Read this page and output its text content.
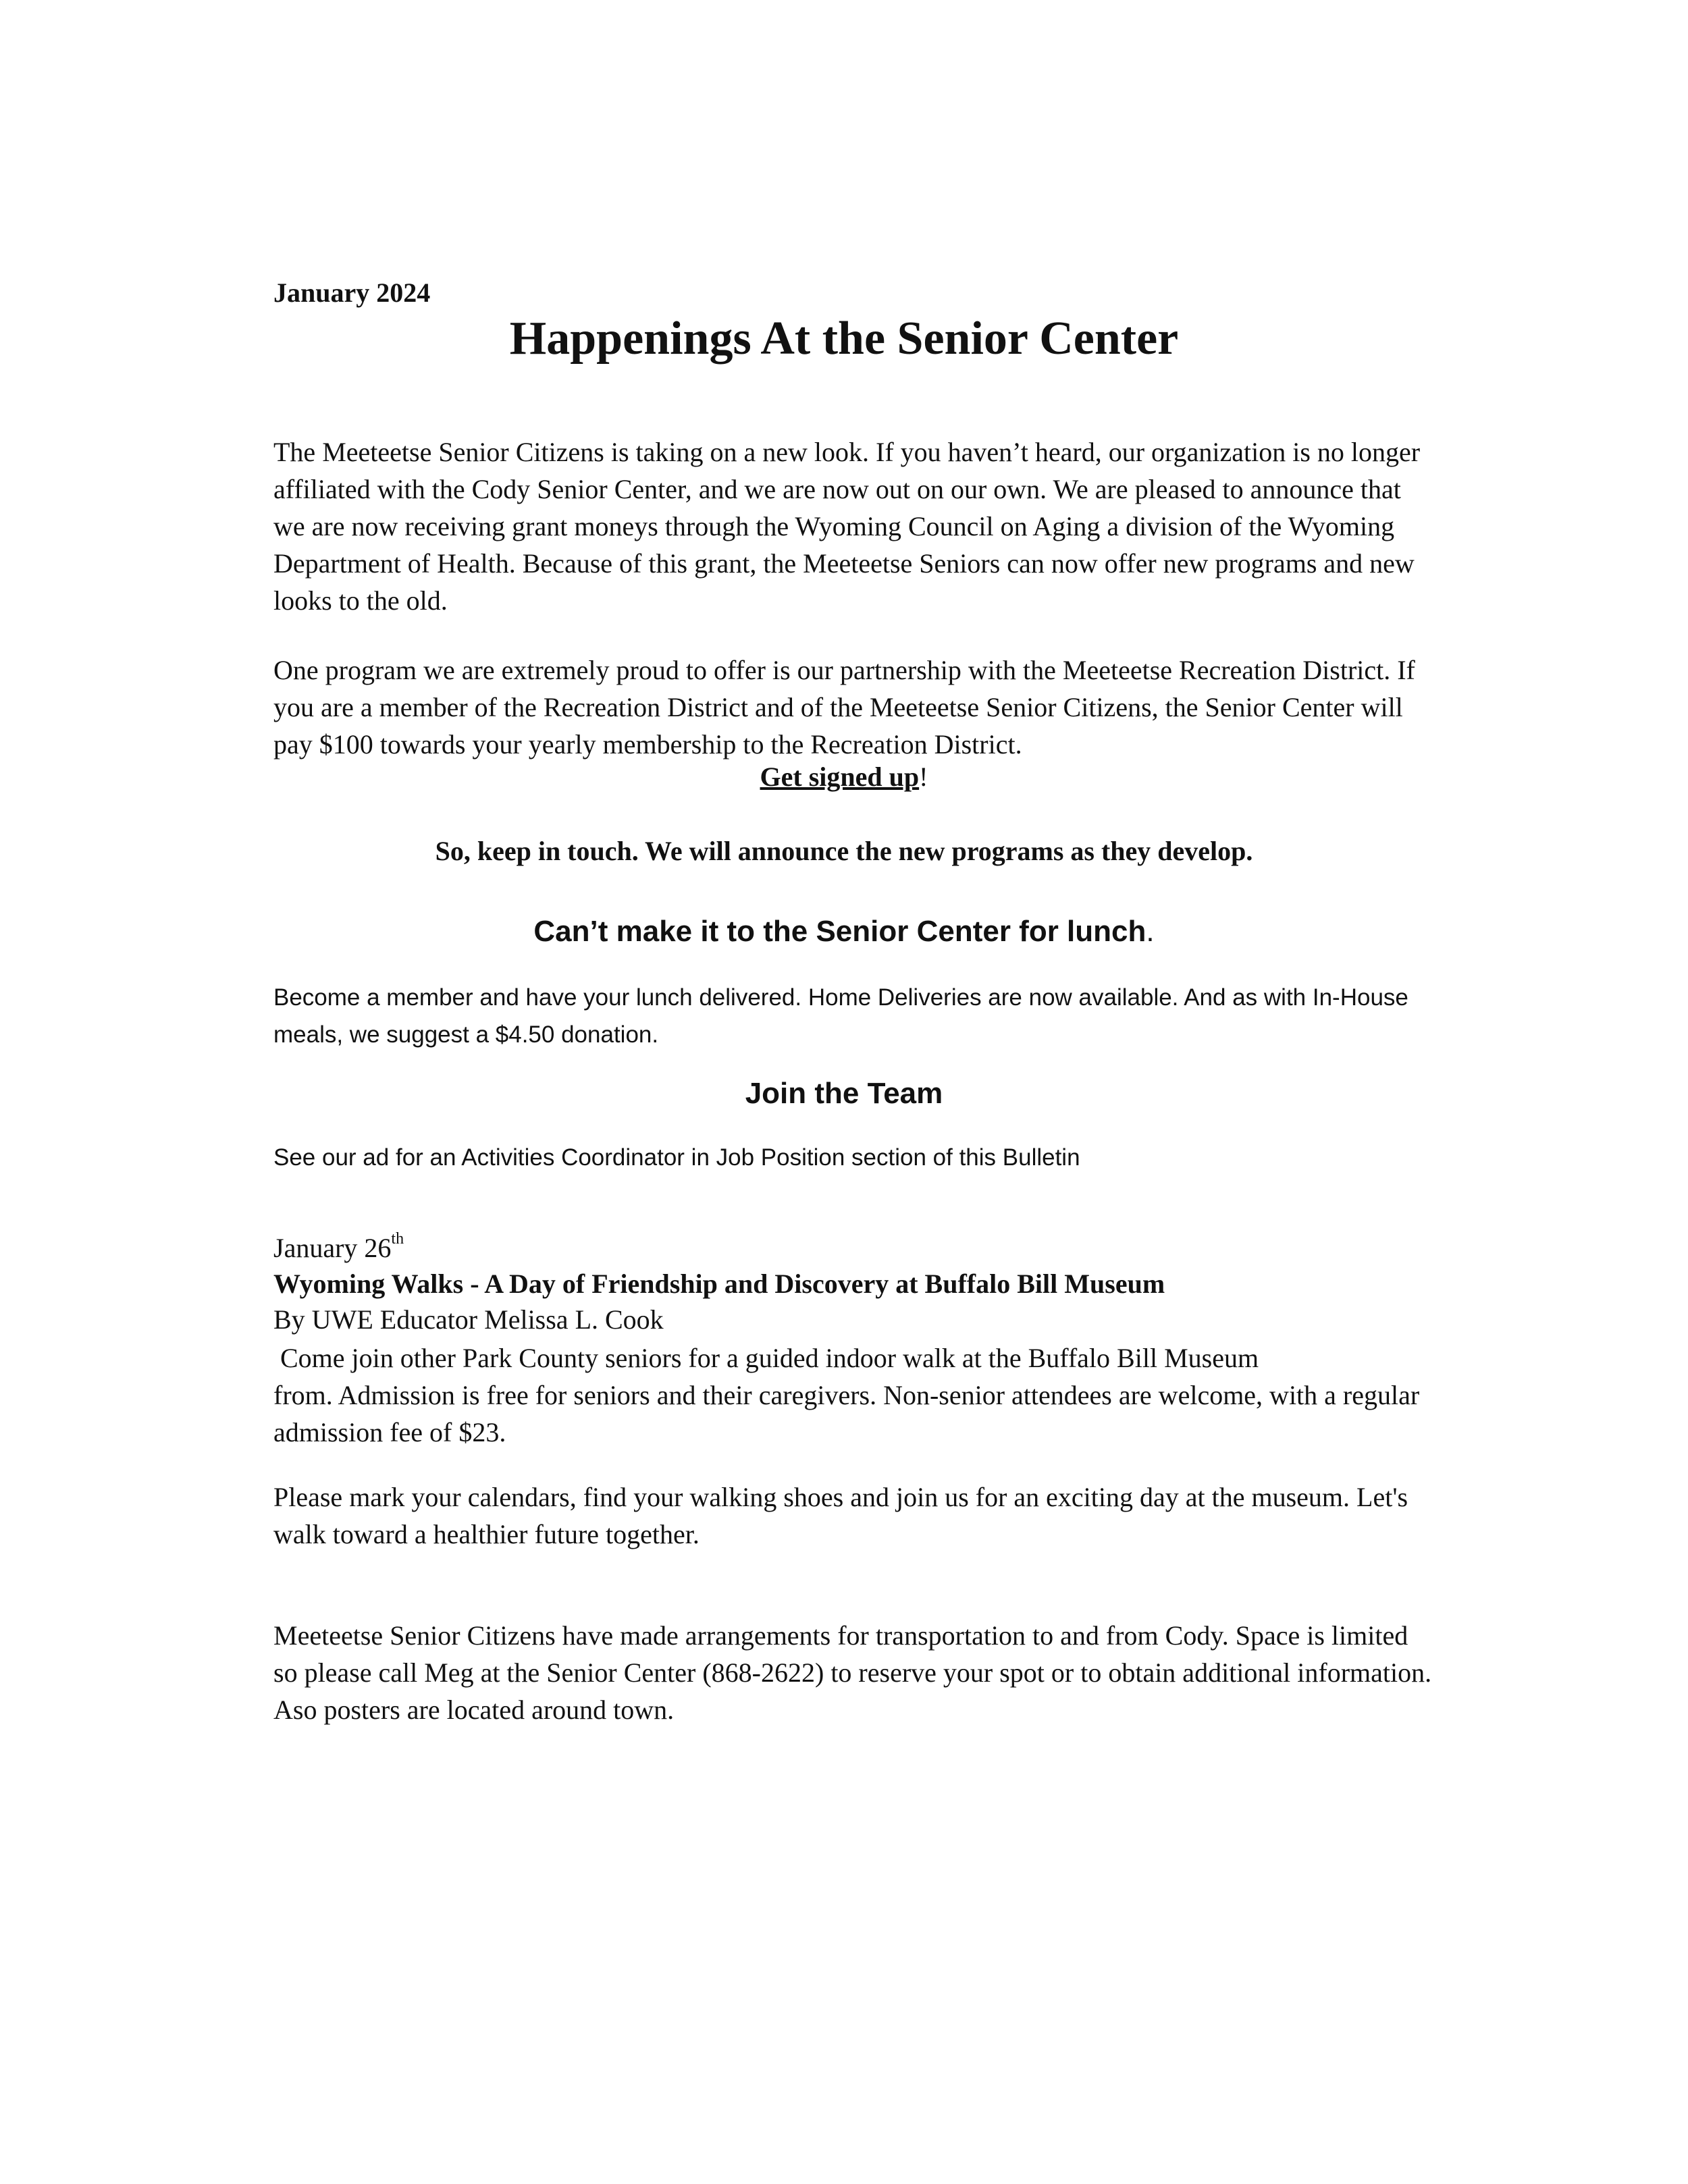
January 2024
Happenings At the Senior Center

The Meeteetse Senior Citizens is taking on a new look. If you haven’t heard, our organization is no longer affiliated with the Cody Senior Center, and we are now out on our own. We are pleased to announce that we are now receiving grant moneys through the Wyoming Council on Aging a division of the Wyoming Department of Health. Because of this grant, the Meeteetse Seniors can now offer new programs and new looks to the old.

One program we are extremely proud to offer is our partnership with the Meeteetse Recreation District. If you are a member of the Recreation District and of the Meeteetse Senior Citizens, the Senior Center will pay $100 towards your yearly membership to the Recreation District.

Get signed up!
So, keep in touch. We will announce the new programs as they develop.
Can’t make it to the Senior Center for lunch.

Become a member and have your lunch delivered. Home Deliveries are now available. And as with In-House meals, we suggest a $4.50 donation.

Join the Team

See our ad for an Activities Coordinator in Job Position section of this Bulletin

January 26th
Wyoming Walks - A Day of Friendship and Discovery at Buffalo Bill Museum
By UWE Educator Melissa L. Cook
Come join other Park County seniors for a guided indoor walk at the Buffalo Bill Museum
from. Admission is free for seniors and their caregivers. Non-senior attendees are welcome, with a regular admission fee of $23.

Please mark your calendars, find your walking shoes and join us for an exciting day at the museum. Let's walk toward a healthier future together.

Meeteetse Senior Citizens have made arrangements for transportation to and from Cody. Space is limited so please call Meg at the Senior Center (868-2622) to reserve your spot or to obtain additional information. Aso posters are located around town.
